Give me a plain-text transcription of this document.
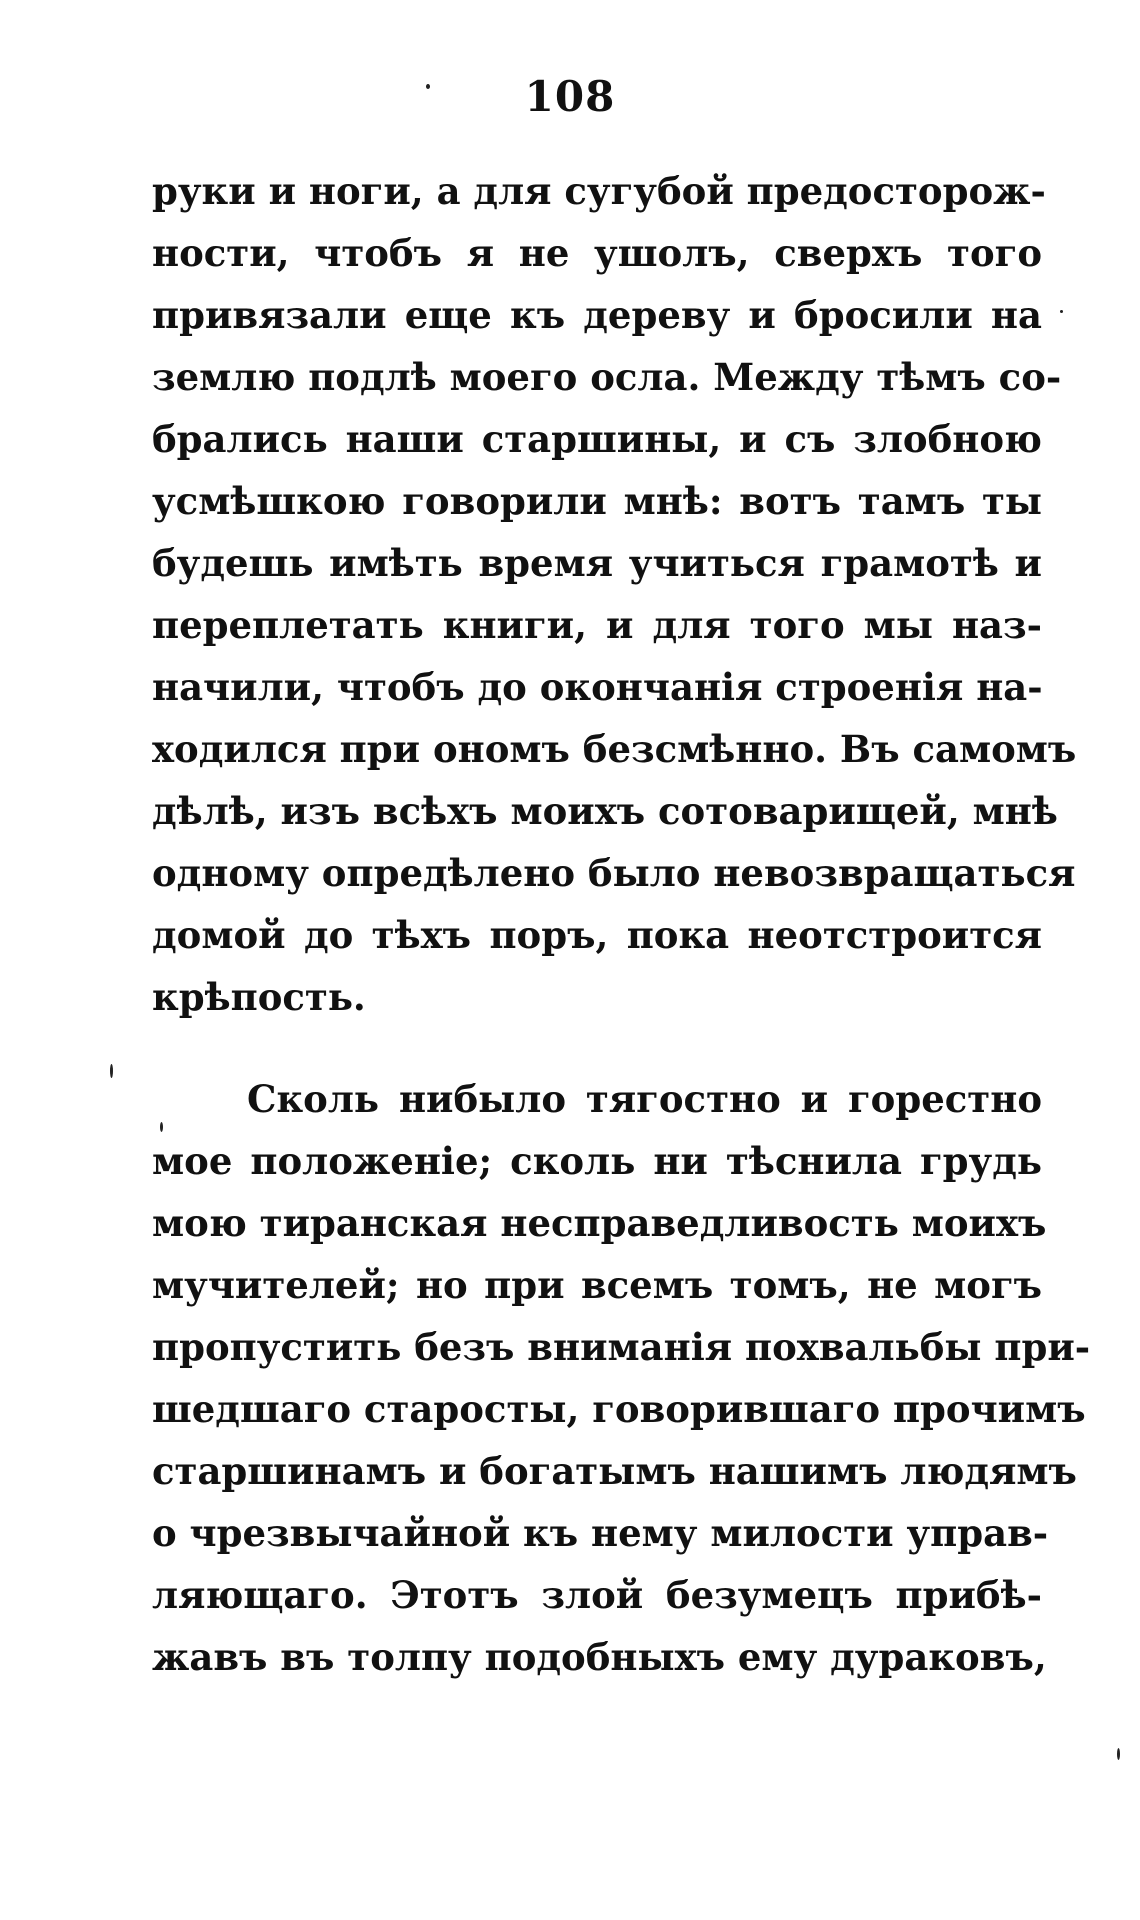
108
руки и ноги, а для сугубой предосторож-
ности, чтобъ я не ушолъ, сверхъ того
привязали еще къ дереву и бросили на
землю подлѣ моего осла. Между тѣмъ со-
брались наши старшины, и съ злобною
усмѣшкою говорили мнѣ: вотъ тамъ ты
будешь имѣть время учиться грамотѣ и
переплетать книги, и для того мы наз-
начили, чтобъ до окончанія строенія на-
ходился при ономъ безсмѣнно. Въ самомъ
дѣлѣ, изъ всѣхъ моихъ сотоварищей, мнѣ
одному опредѣлено было невозвращаться
домой до тѣхъ поръ, пока неотстроится
крѣпость.
Сколь нибыло тягостно и горестно
мое положеніе; сколь ни тѣснила грудь
мою тиранская несправедливость моихъ
мучителей; но при всемъ томъ, не могъ
пропустить безъ вниманія похвальбы при-
шедшаго старосты, говорившаго прочимъ
старшинамъ и богатымъ нашимъ людямъ
о чрезвычайной къ нему милости управ-
ляющаго. Этотъ злой безумецъ прибѣ-
жавъ въ толпу подобныхъ ему дураковъ,
